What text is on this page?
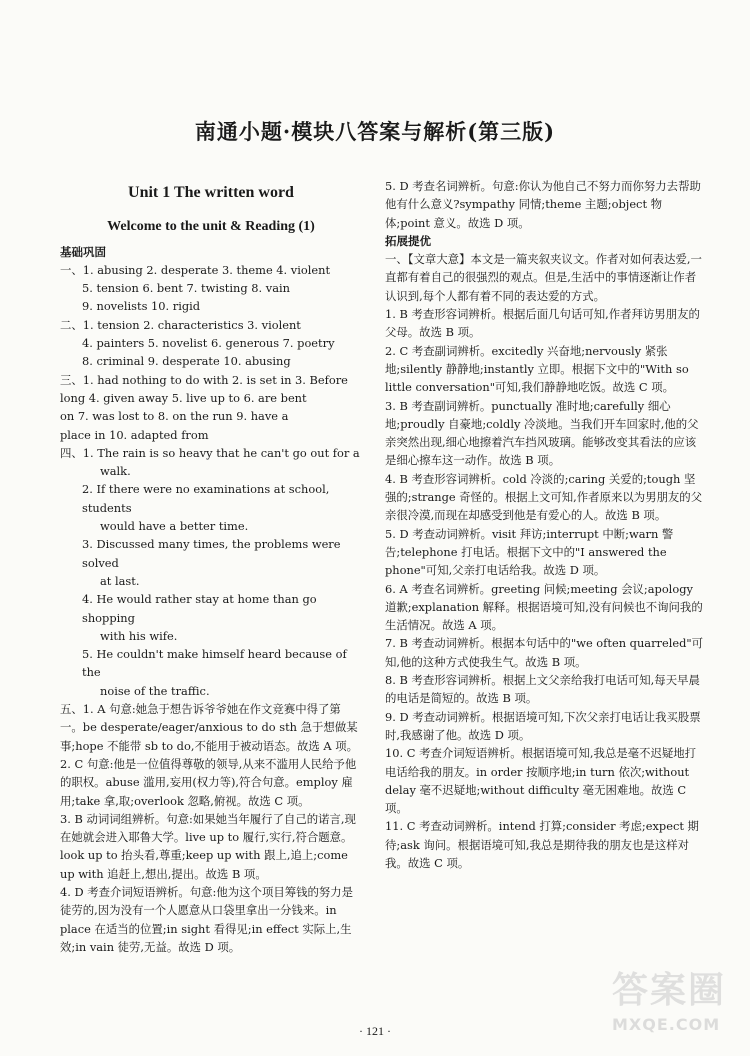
南通小题·模块八答案与解析(第三版)
Unit 1 The written word
Welcome to the unit & Reading (1)
基础巩固

一、1. abusing 2. desperate 3. theme 4. violent

5. tension 6. bent 7. twisting 8. vain

9. novelists 10. rigid

二、1. tension 2. characteristics 3. violent

4. painters 5. novelist 6. generous 7. poetry

8. criminal 9. desperate 10. abusing

三、1. had nothing to do with 2. is set in 3. Before

long 4. given away 5. live up to 6. are bent

on 7. was lost to 8. on the run 9. have a

place in 10. adapted from

四、1. The rain is so heavy that he can't go out for a

walk.

2. If there were no examinations at school, students

would have a better time.

3. Discussed many times, the problems were solved

at last.

4. He would rather stay at home than go shopping

with his wife.

5. He couldn't make himself heard because of the

noise of the traffic.

五、1. A 句意:她急于想告诉爷爷她在作文竞赛中得了第一。be desperate/eager/anxious to do sth 急于想做某事;hope 不能带 sb to do,不能用于被动语态。故选 A 项。

2. C 句意:他是一位值得尊敬的领导,从来不滥用人民给予他的职权。abuse 滥用,妄用(权力等),符合句意。employ 雇用;take 拿,取;overlook 忽略,俯视。故选 C 项。

3. B 动词词组辨析。句意:如果她当年履行了自己的诺言,现在她就会进入耶鲁大学。live up to 履行,实行,符合题意。look up to 抬头看,尊重;keep up with 跟上,追上;come up with 追赶上,想出,提出。故选 B 项。

4. D 考查介词短语辨析。句意:他为这个项目筹钱的努力是徒劳的,因为没有一个人愿意从口袋里拿出一分钱来。in place 在适当的位置;in sight 看得见;in effect 实际上,生效;in vain 徒劳,无益。故选 D 项。

5. D 考查名词辨析。句意:你认为他自己不努力而你努力去帮助他有什么意义?sympathy 同情;theme 主题;object 物体;point 意义。故选 D 项。

拓展提优

一、【文章大意】本文是一篇夹叙夹议文。作者对如何表达爱,一直都有着自己的很强烈的观点。但是,生活中的事情逐渐让作者认识到,每个人都有着不同的表达爱的方式。

1. B 考查形容词辨析。根据后面几句话可知,作者拜访男朋友的父母。故选 B 项。

2. C 考查副词辨析。excitedly 兴奋地;nervously 紧张地;silently 静静地;instantly 立即。根据下文中的"With so little conversation"可知,我们静静地吃饭。故选 C 项。

3. B 考查副词辨析。punctually 准时地;carefully 细心地;proudly 自豪地;coldly 冷淡地。当我们开车回家时,他的父亲突然出现,细心地擦着汽车挡风玻璃。能够改变其看法的应该是细心擦车这一动作。故选 B 项。

4. B 考查形容词辨析。cold 冷淡的;caring 关爱的;tough 坚强的;strange 奇怪的。根据上文可知,作者原来以为男朋友的父亲很冷漠,而现在却感受到他是有爱心的人。故选 B 项。

5. D 考查动词辨析。visit 拜访;interrupt 中断;warn 警告;telephone 打电话。根据下文中的"I answered the phone"可知,父亲打电话给我。故选 D 项。

6. A 考查名词辨析。greeting 问候;meeting 会议;apology 道歉;explanation 解释。根据语境可知,没有问候也不询问我的生活情况。故选 A 项。

7. B 考查动词辨析。根据本句话中的"we often quarreled"可知,他的这种方式使我生气。故选 B 项。

8. B 考查形容词辨析。根据上文父亲给我打电话可知,每天早晨的电话是简短的。故选 B 项。

9. D 考查动词辨析。根据语境可知,下次父亲打电话让我买股票时,我感谢了他。故选 D 项。

10. C 考查介词短语辨析。根据语境可知,我总是毫不迟疑地打电话给我的朋友。in order 按顺序地;in turn 依次;without delay 毫不迟疑地;without difficulty 毫无困难地。故选 C 项。

11. C 考查动词辨析。intend 打算;consider 考虑;expect 期待;ask 询问。根据语境可知,我总是期待我的朋友也是这样对我。故选 C 项。

· 121 ·
答案圈
MXQE.COM
